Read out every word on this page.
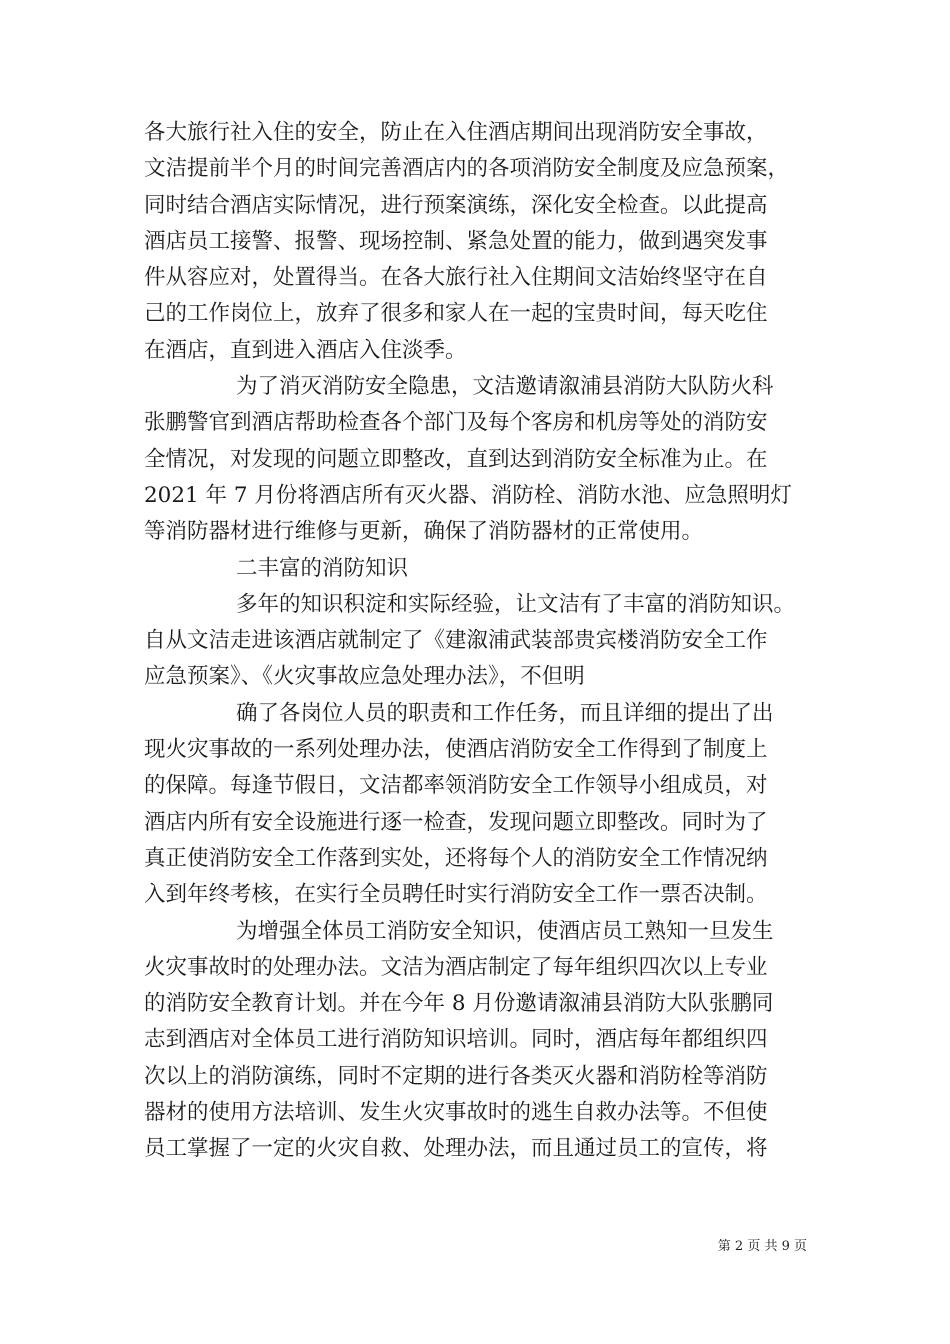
各大旅行社入住的安全，防止在入住酒店期间出现消防安全事故，
文洁提前半个月的时间完善酒店内的各项消防安全制度及应急预案，
同时结合酒店实际情况，进行预案演练，深化安全检查。以此提高
酒店员工接警、报警、现场控制、紧急处置的能力，做到遇突发事
件从容应对，处置得当。在各大旅行社入住期间文洁始终坚守在自
己的工作岗位上，放弃了很多和家人在一起的宝贵时间，每天吃住
在酒店，直到进入酒店入住淡季。
为了消灭消防安全隐患，文洁邀请溆浦县消防大队防火科
张鹏警官到酒店帮助检查各个部门及每个客房和机房等处的消防安
全情况，对发现的问题立即整改，直到达到消防安全标准为止。在
2021 年 7 月份将酒店所有灭火器、消防栓、消防水池、应急照明灯
等消防器材进行维修与更新，确保了消防器材的正常使用。
二丰富的消防知识
多年的知识积淀和实际经验，让文洁有了丰富的消防知识。
自从文洁走进该酒店就制定了《建溆浦武装部贵宾楼消防安全工作
应急预案》、《火灾事故应急处理办法》，不但明
确了各岗位人员的职责和工作任务，而且详细的提出了出
现火灾事故的一系列处理办法，使酒店消防安全工作得到了制度上
的保障。每逢节假日，文洁都率领消防安全工作领导小组成员，对
酒店内所有安全设施进行逐一检查，发现问题立即整改。同时为了
真正使消防安全工作落到实处，还将每个人的消防安全工作情况纳
入到年终考核，在实行全员聘任时实行消防安全工作一票否决制。
为增强全体员工消防安全知识，使酒店员工熟知一旦发生
火灾事故时的处理办法。文洁为酒店制定了每年组织四次以上专业
的消防安全教育计划。并在今年 8 月份邀请溆浦县消防大队张鹏同
志到酒店对全体员工进行消防知识培训。同时，酒店每年都组织四
次以上的消防演练，同时不定期的进行各类灭火器和消防栓等消防
器材的使用方法培训、发生火灾事故时的逃生自救办法等。不但使
员工掌握了一定的火灾自救、处理办法，而且通过员工的宣传，将
第 2 页 共 9 页
